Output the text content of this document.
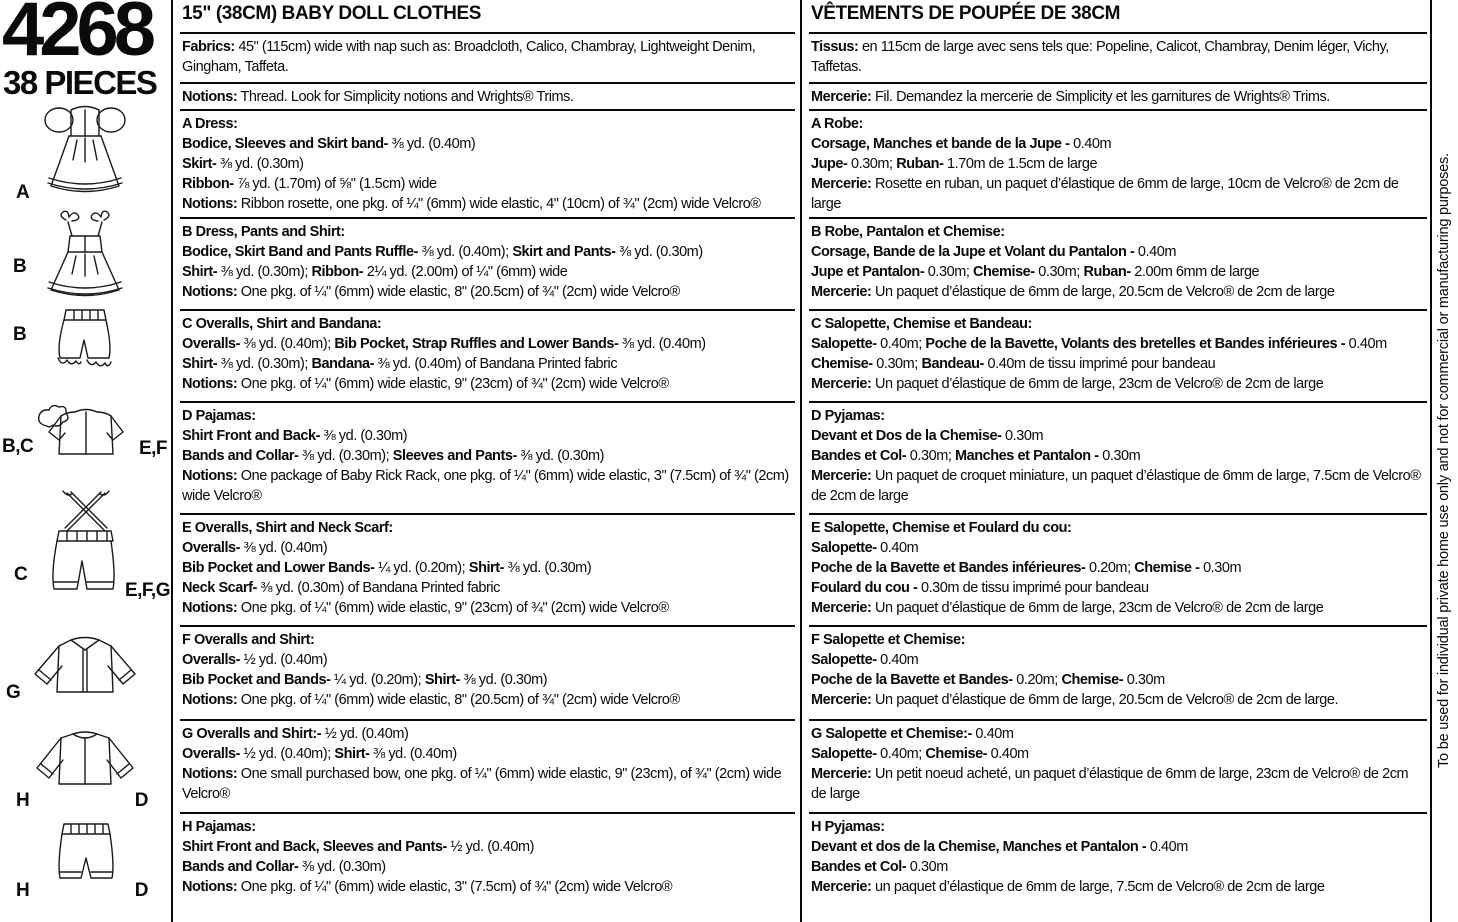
4268
38 PIECES
A
B
B
B,C	E,F
C
E,F,G
G
H	D
H	D
15" (38CM) BABY DOLL CLOTHES
Fabrics: 45" (115cm) wide with nap such as: Broadcloth, Calico, Chambray, Lightweight Denim, Gingham, Taffeta.
Notions: Thread. Look for Simplicity notions and Wrights® Trims.
A Dress:
Bodice, Sleeves and Skirt band- ⅜ yd. (0.40m)
Skirt- ⅜ yd. (0.30m)
Ribbon- ⅞ yd. (1.70m) of ⅝" (1.5cm) wide
Notions: Ribbon rosette, one pkg. of ¼" (6mm) wide elastic, 4" (10cm) of ¾" (2cm) wide Velcro®
B Dress, Pants and Shirt:
Bodice, Skirt Band and Pants Ruffle- ⅜ yd. (0.40m); Skirt and Pants- ⅜ yd. (0.30m)
Shirt- ⅜ yd. (0.30m); Ribbon- 2¼ yd. (2.00m) of ¼" (6mm) wide
Notions: One pkg. of ¼" (6mm) wide elastic, 8" (20.5cm) of ¾" (2cm) wide Velcro®
C Overalls, Shirt and Bandana:
Overalls- ⅜ yd. (0.40m); Bib Pocket, Strap Ruffles and Lower Bands- ⅜ yd. (0.40m)
Shirt- ⅜ yd. (0.30m); Bandana- ⅜ yd. (0.40m) of Bandana Printed fabric
Notions: One pkg. of ¼" (6mm) wide elastic, 9" (23cm) of ¾" (2cm) wide Velcro®
D Pajamas:
Shirt Front and Back- ⅜ yd. (0.30m)
Bands and Collar- ⅜ yd. (0.30m); Sleeves and Pants- ⅜ yd. (0.30m)
Notions: One package of Baby Rick Rack, one pkg. of ¼" (6mm) wide elastic, 3" (7.5cm) of ¾" (2cm) wide Velcro®
E Overalls, Shirt and Neck Scarf:
Overalls- ⅜ yd. (0.40m)
Bib Pocket and Lower Bands- ¼ yd. (0.20m); Shirt- ⅜ yd. (0.30m)
Neck Scarf- ⅜ yd. (0.30m) of Bandana Printed fabric
Notions: One pkg. of ¼" (6mm) wide elastic, 9" (23cm) of ¾" (2cm) wide Velcro®
F Overalls and Shirt:
Overalls- ½ yd. (0.40m)
Bib Pocket and Bands- ¼ yd. (0.20m); Shirt- ⅜ yd. (0.30m)
Notions: One pkg. of ¼" (6mm) wide elastic, 8" (20.5cm) of ¾" (2cm) wide Velcro®
G Overalls and Shirt:- ½ yd. (0.40m)
Overalls- ½ yd. (0.40m); Shirt- ⅜ yd. (0.40m)
Notions: One small purchased bow, one pkg. of ¼" (6mm) wide elastic, 9" (23cm), of ¾" (2cm) wide Velcro®
H Pajamas:
Shirt Front and Back, Sleeves and Pants- ½ yd. (0.40m)
Bands and Collar- ⅜ yd. (0.30m)
Notions: One pkg. of ¼" (6mm) wide elastic, 3" (7.5cm) of ¾" (2cm) wide Velcro®
VÊTEMENTS DE POUPÉE DE 38CM
Tissus: en 115cm de large avec sens tels que: Popeline, Calicot, Chambray, Denim léger, Vichy, Taffetas.
Mercerie: Fil. Demandez la mercerie de Simplicity et les garnitures de Wrights® Trims.
A Robe:
Corsage, Manches et bande de la Jupe - 0.40m
Jupe- 0.30m; Ruban- 1.70m de 1.5cm de large
Mercerie: Rosette en ruban, un paquet d’élastique de 6mm de large, 10cm de Velcro® de 2cm de large
B Robe, Pantalon et Chemise:
Corsage, Bande de la Jupe et Volant du Pantalon - 0.40m
Jupe et Pantalon- 0.30m; Chemise- 0.30m; Ruban- 2.00m 6mm de large
Mercerie: Un paquet d’élastique de 6mm de large, 20.5cm de Velcro® de 2cm de large
C Salopette, Chemise et Bandeau:
Salopette- 0.40m; Poche de la Bavette, Volants des bretelles et Bandes inférieures - 0.40m
Chemise- 0.30m; Bandeau- 0.40m de tissu imprimé pour bandeau
Mercerie: Un paquet d’élastique de 6mm de large, 23cm de Velcro® de 2cm de large
D Pyjamas:
Devant et Dos de la Chemise- 0.30m
Bandes et Col- 0.30m; Manches et Pantalon - 0.30m
Mercerie: Un paquet de croquet miniature, un paquet d’élastique de 6mm de large, 7.5cm de Velcro® de 2cm de large
E Salopette, Chemise et Foulard du cou:
Salopette- 0.40m
Poche de la Bavette et Bandes inférieures- 0.20m; Chemise - 0.30m
Foulard du cou - 0.30m de tissu imprimé pour bandeau
Mercerie: Un paquet d’élastique de 6mm de large, 23cm de Velcro® de 2cm de large
F Salopette et Chemise:
Salopette- 0.40m
Poche de la Bavette et Bandes- 0.20m; Chemise- 0.30m
Mercerie: Un paquet d’élastique de 6mm de large, 20.5cm de Velcro® de 2cm de large.
G Salopette et Chemise:- 0.40m
Salopette- 0.40m; Chemise- 0.40m
Mercerie: Un petit noeud acheté, un paquet d’élastique de 6mm de large, 23cm de Velcro® de 2cm de large
H Pyjamas:
Devant et dos de la Chemise, Manches et Pantalon - 0.40m
Bandes et Col- 0.30m
Mercerie: un paquet d’élastique de 6mm de large, 7.5cm de Velcro® de 2cm de large
To be used for individual private home use only and not for commercial or manufacturing purposes.
